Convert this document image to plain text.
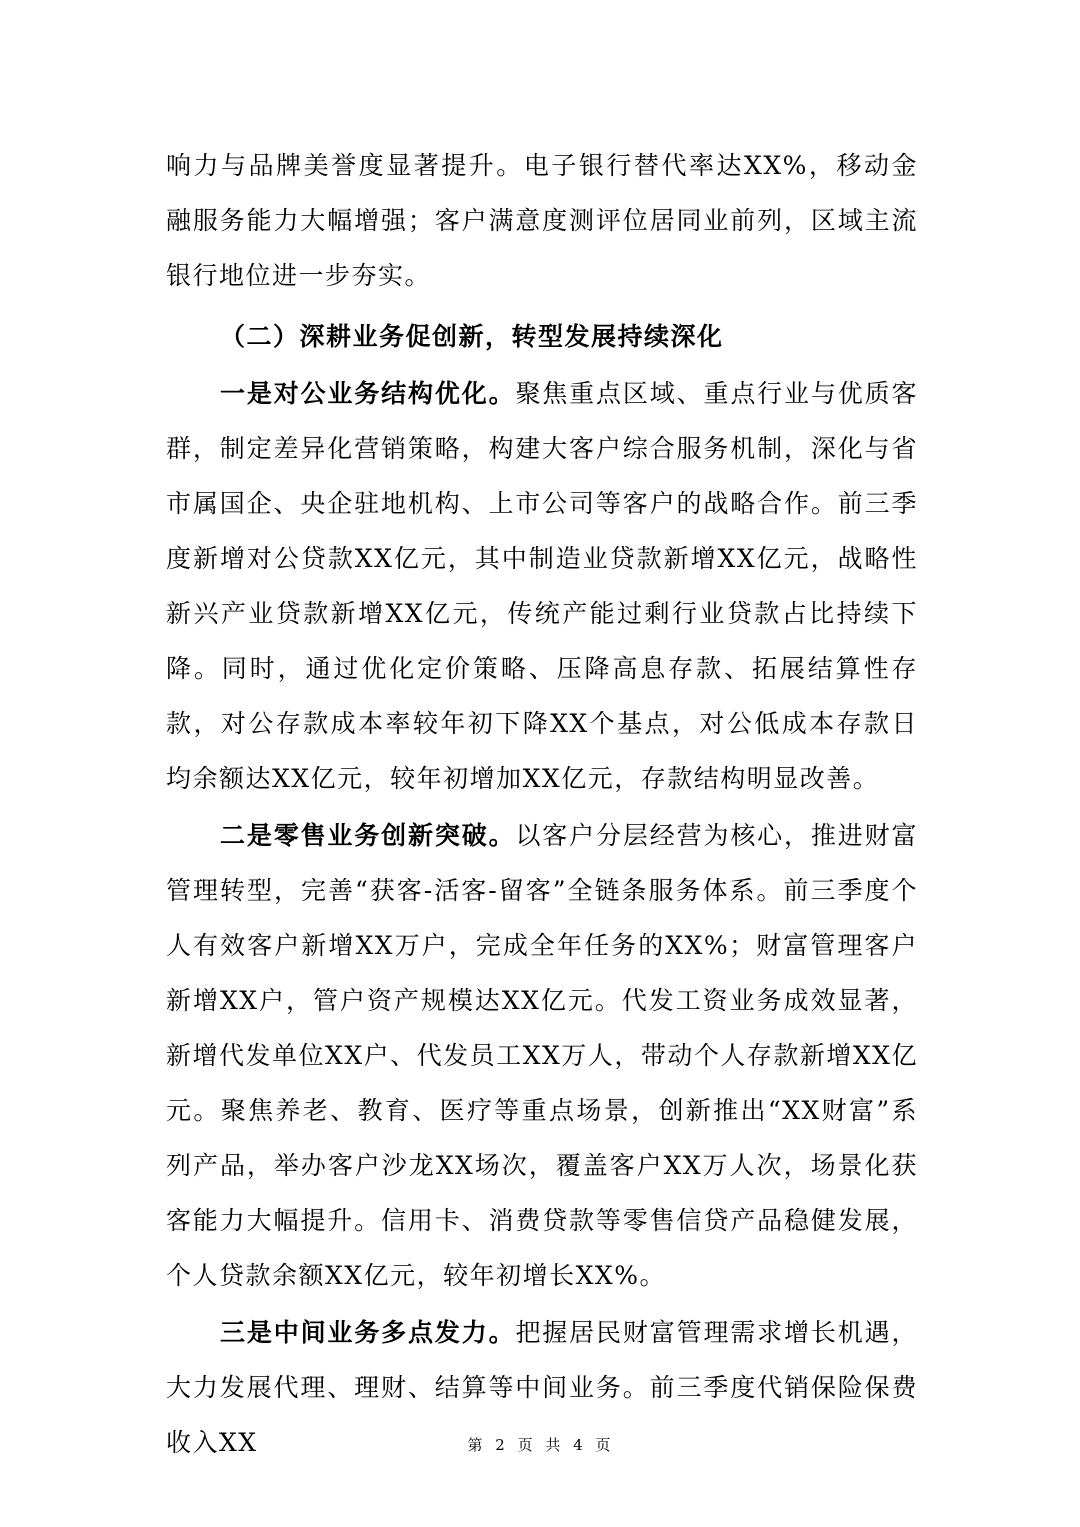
响力与品牌美誉度显著提升。电子银行替代率达XX%，移动金融服务能力大幅增强；客户满意度测评位居同业前列，区域主流银行地位进一步夯实。

（二）深耕业务促创新，转型发展持续深化

一是对公业务结构优化。聚焦重点区域、重点行业与优质客群，制定差异化营销策略，构建大客户综合服务机制，深化与省市属国企、央企驻地机构、上市公司等客户的战略合作。前三季度新增对公贷款XX亿元，其中制造业贷款新增XX亿元，战略性新兴产业贷款新增XX亿元，传统产能过剩行业贷款占比持续下降。同时，通过优化定价策略、压降高息存款、拓展结算性存款，对公存款成本率较年初下降XX个基点，对公低成本存款日均余额达XX亿元，较年初增加XX亿元，存款结构明显改善。

二是零售业务创新突破。以客户分层经营为核心，推进财富管理转型，完善“获客-活客-留客”全链条服务体系。前三季度个人有效客户新增XX万户，完成全年任务的XX%；财富管理客户新增XX户，管户资产规模达XX亿元。代发工资业务成效显著，新增代发单位XX户、代发员工XX万人，带动个人存款新增XX亿元。聚焦养老、教育、医疗等重点场景，创新推出“XX财富”系列产品，举办客户沙龙XX场次，覆盖客户XX万人次，场景化获客能力大幅提升。信用卡、消费贷款等零售信贷产品稳健发展，个人贷款余额XX亿元，较年初增长XX%。

三是中间业务多点发力。把握居民财富管理需求增长机遇，大力发展代理、理财、结算等中间业务。前三季度代销保险保费收入XX	第 2 页 共 4 页
